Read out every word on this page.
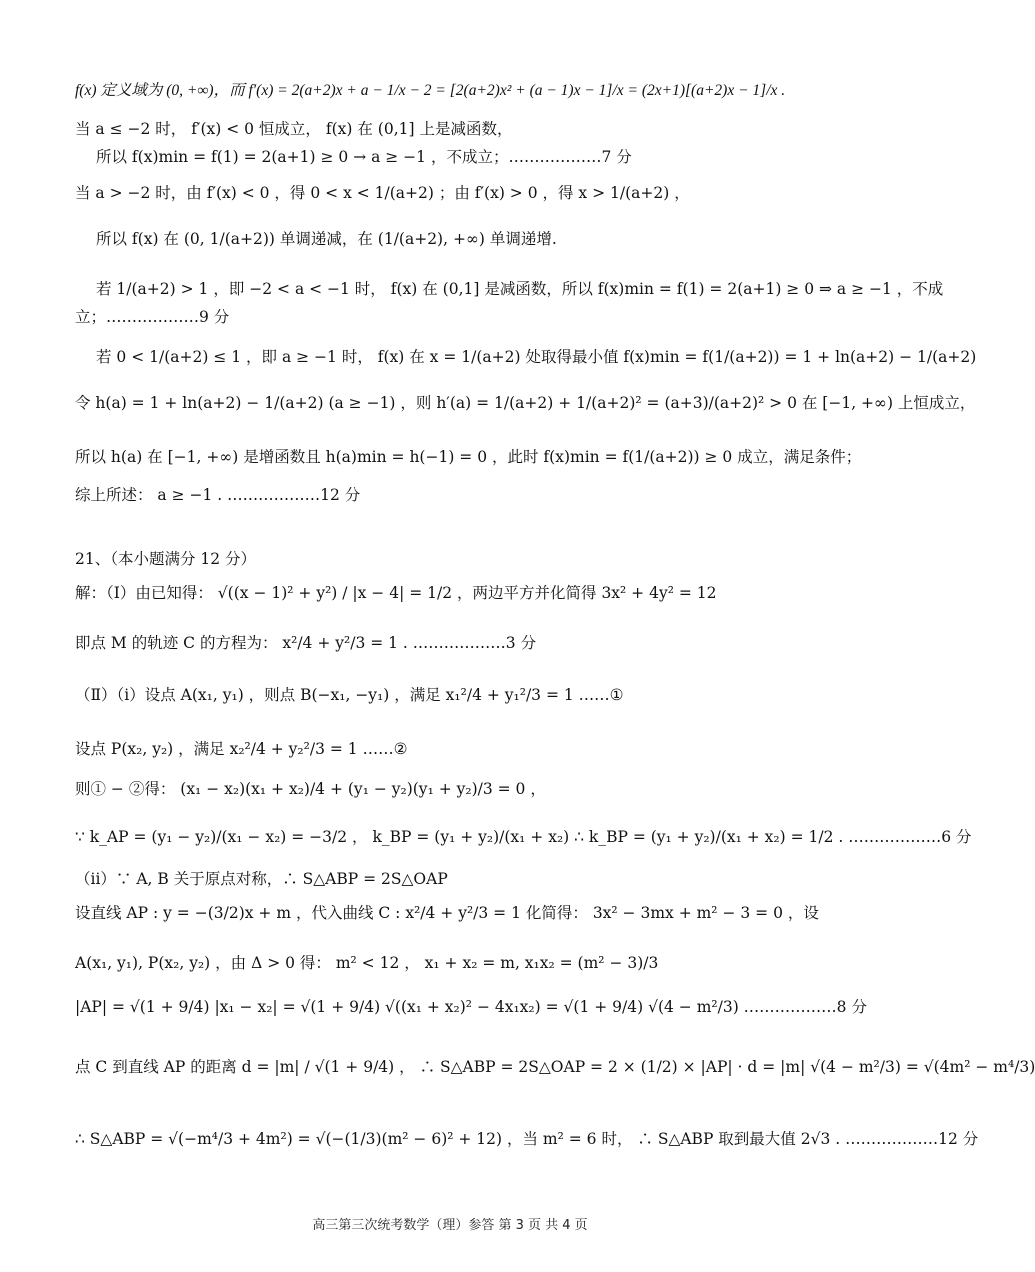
f(x) 定义域为 (0, +∞)，而 f′(x) = 2(a+2)x + a − 1/x − 2 = [2(a+2)x² + (a − 1)x − 1]/x = (2x+1)[(a+2)x − 1]/x .
当 a ≤ −2 时， f′(x) < 0 恒成立， f(x) 在 (0,1] 上是减函数，
所以 f(x)min = f(1) = 2(a+1) ≥ 0 → a ≥ −1 ，不成立；………………7 分
当 a > −2 时，由 f′(x) < 0 ，得 0 < x < 1/(a+2) ；由 f′(x) > 0 ，得 x > 1/(a+2) ，
所以 f(x) 在 (0, 1/(a+2)) 单调递减，在 (1/(a+2), +∞) 单调递增.
若 1/(a+2) > 1 ，即 −2 < a < −1 时， f(x) 在 (0,1] 是减函数，所以 f(x)min = f(1) = 2(a+1) ≥ 0 ⇒ a ≥ −1 ，不成
立；………………9 分
若 0 < 1/(a+2) ≤ 1 ，即 a ≥ −1 时， f(x) 在 x = 1/(a+2) 处取得最小值 f(x)min = f(1/(a+2)) = 1 + ln(a+2) − 1/(a+2)
令 h(a) = 1 + ln(a+2) − 1/(a+2) (a ≥ −1) ，则 h′(a) = 1/(a+2) + 1/(a+2)² = (a+3)/(a+2)² > 0 在 [−1, +∞) 上恒成立，
所以 h(a) 在 [−1, +∞) 是增函数且 h(a)min = h(−1) = 0 ，此时 f(x)min = f(1/(a+2)) ≥ 0 成立，满足条件；
综上所述： a ≥ −1 . ………………12 分
21、（本小题满分 12 分）
解：（Ⅰ）由已知得： √((x − 1)² + y²) / |x − 4| = 1/2 ，两边平方并化简得 3x² + 4y² = 12
即点 M 的轨迹 C 的方程为： x²/4 + y²/3 = 1 . ………………3 分
（Ⅱ）（i）设点 A(x₁, y₁) ，则点 B(−x₁, −y₁) ，满足 x₁²/4 + y₁²/3 = 1 ……①
设点 P(x₂, y₂) ，满足 x₂²/4 + y₂²/3 = 1 ……②
则① − ②得： (x₁ − x₂)(x₁ + x₂)/4 + (y₁ − y₂)(y₁ + y₂)/3 = 0 ，
∵ k_AP = (y₁ − y₂)/(x₁ − x₂) = −3/2 ， k_BP = (y₁ + y₂)/(x₁ + x₂) ∴ k_BP = (y₁ + y₂)/(x₁ + x₂) = 1/2 . ………………6 分
（ii）∵ A, B 关于原点对称，∴ S△ABP = 2S△OAP
设直线 AP : y = −(3/2)x + m ，代入曲线 C : x²/4 + y²/3 = 1 化简得： 3x² − 3mx + m² − 3 = 0 ，设
A(x₁, y₁), P(x₂, y₂) ，由 Δ > 0 得： m² < 12 ， x₁ + x₂ = m, x₁x₂ = (m² − 3)/3
|AP| = √(1 + 9/4) |x₁ − x₂| = √(1 + 9/4) √((x₁ + x₂)² − 4x₁x₂) = √(1 + 9/4) √(4 − m²/3) ………………8 分
点 C 到直线 AP 的距离 d = |m| / √(1 + 9/4) ， ∴ S△ABP = 2S△OAP = 2 × (1/2) × |AP| · d = |m| √(4 − m²/3) = √(4m² − m⁴/3)
∴ S△ABP = √(−m⁴/3 + 4m²) = √(−(1/3)(m² − 6)² + 12) ，当 m² = 6 时， ∴ S△ABP 取到最大值 2√3 . ………………12 分
高三第三次统考数学（理）参答 第 3 页 共 4 页
